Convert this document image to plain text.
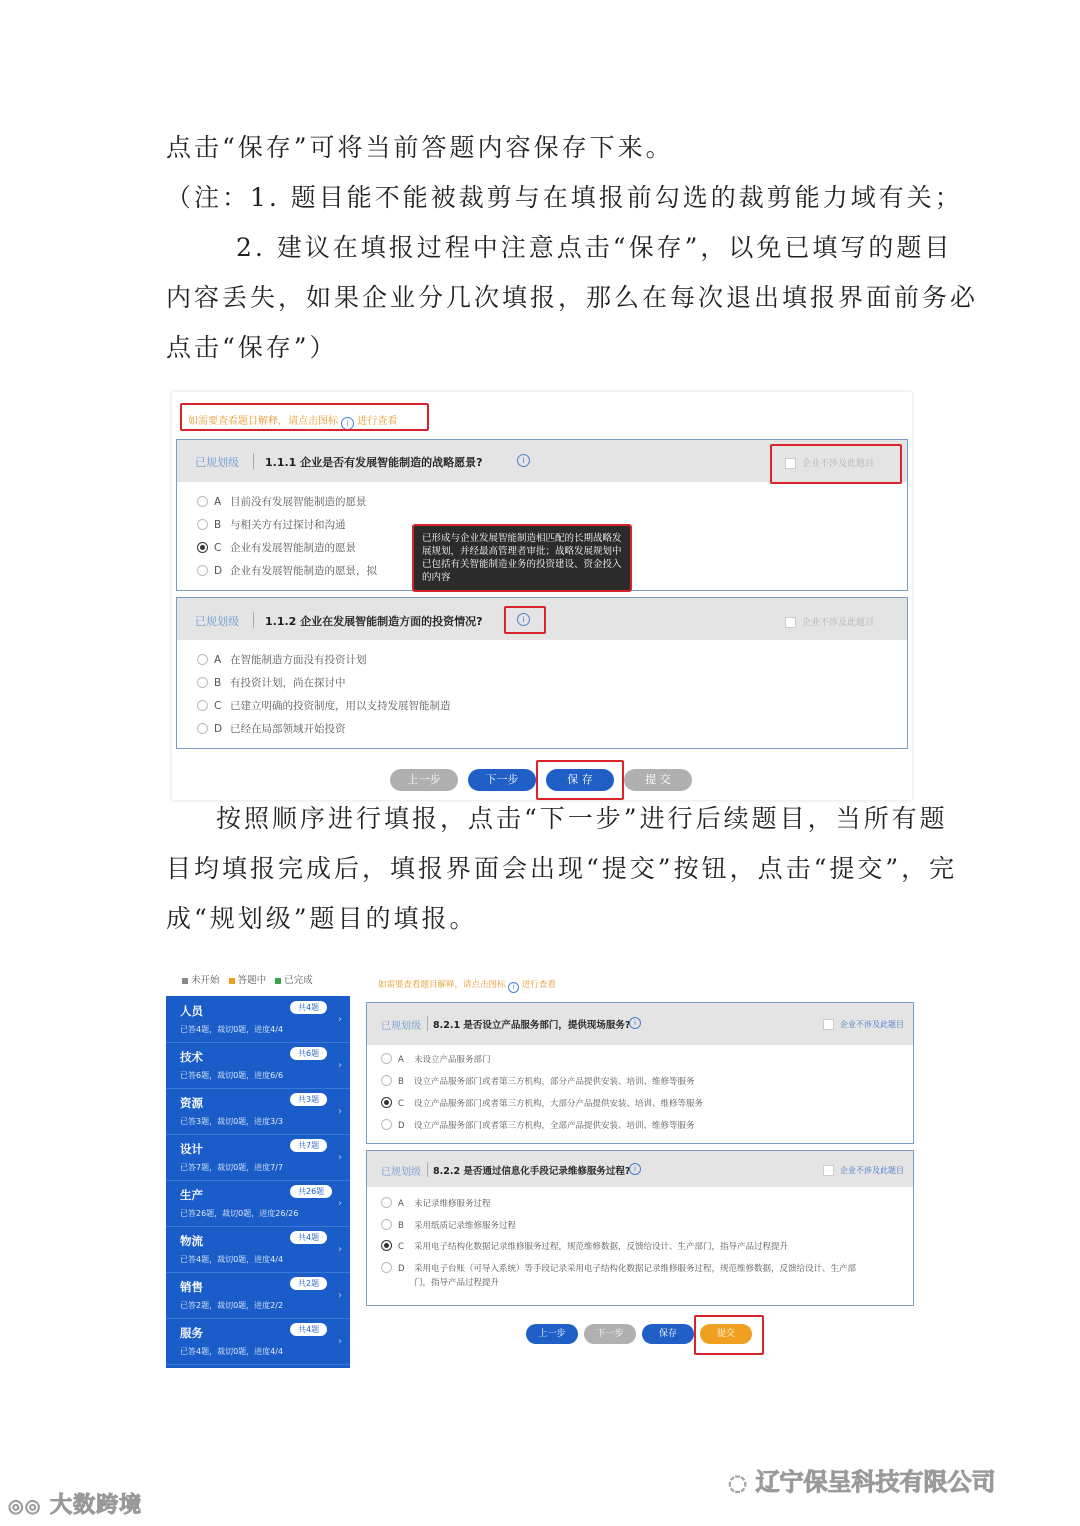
点击“保存”可将当前答题内容保存下来。
（注：1. 题目能不能被裁剪与在填报前勾选的裁剪能力域有关；
2. 建议在填报过程中注意点击“保存”，以免已填写的题目
内容丢失，如果企业分几次填报，那么在每次退出填报界面前务必
点击“保存”）
如需要查看题目解释，请点击图标 i 进行查看
已规划级 1.1.1 企业是否有发展智能制造的战略愿景?	i	企业不涉及此题目
A 目前没有发展智能制造的愿景
B 与相关方有过探讨和沟通
C 企业有发展智能制造的愿景
D 企业有发展智能制造的愿景，拟
已规划级 1.1.2 企业在发展智能制造方面的投资情况?	i	企业不涉及此题目
A 在智能制造方面没有投资计划
B 有投资计划，尚在探讨中
C 已建立明确的投资制度，用以支持发展智能制造
D 已经在局部领域开始投资
已形成与企业发展智能制造相匹配的长期战略发展规划，并经最高管理者审批；战略发展规划中已包括有关智能制造业务的投资建设、资金投入的内容
上一步	下一步	保 存	提 交
按照顺序进行填报，点击“下一步”进行后续题目，当所有题
目均填报完成后，填报界面会出现“提交”按钮，点击“提交”，完
成“规划级”题目的填报。
未开始 答题中 已完成
人员	共4题
已答4题，裁切0题，进度4/4
›
技术	共6题
已答6题，裁切0题，进度6/6
›
资源	共3题
已答3题，裁切0题，进度3/3
›
设计	共7题
已答7题，裁切0题，进度7/7
›
生产	共26题
已答26题，裁切0题，进度26/26
›
物流	共4题
已答4题，裁切0题，进度4/4
›
销售	共2题
已答2题，裁切0题，进度2/2
›
服务	共4题
已答4题，裁切0题，进度4/4
›
如需要查看题目解释，请点击图标 i 进行查看
已规划级 8.2.1 是否设立产品服务部门，提供现场服务? i	企业不涉及此题目
A 未设立产品服务部门
B 设立产品服务部门或者第三方机构，部分产品提供安装、培训、维修等服务
C 设立产品服务部门或者第三方机构，大部分产品提供安装、培训、维修等服务
D 设立产品服务部门或者第三方机构，全部产品提供安装、培训、维修等服务
已规划级 8.2.2 是否通过信息化手段记录维修服务过程? i	企业不涉及此题目
A 未记录维修服务过程
B 采用纸质记录维修服务过程
C 采用电子结构化数据记录维修服务过程，规范维修数据，反馈给设计、生产部门，指导产品过程提升
D 采用电子台账（可导入系统）等手段记录采用电子结构化数据记录维修服务过程，规范维修数据，反馈给设计、生产部
门，指导产品过程提升
上一步	下一步	保存	提交
◎◎ 大数跨境
◌ 辽宁保呈科技有限公司
